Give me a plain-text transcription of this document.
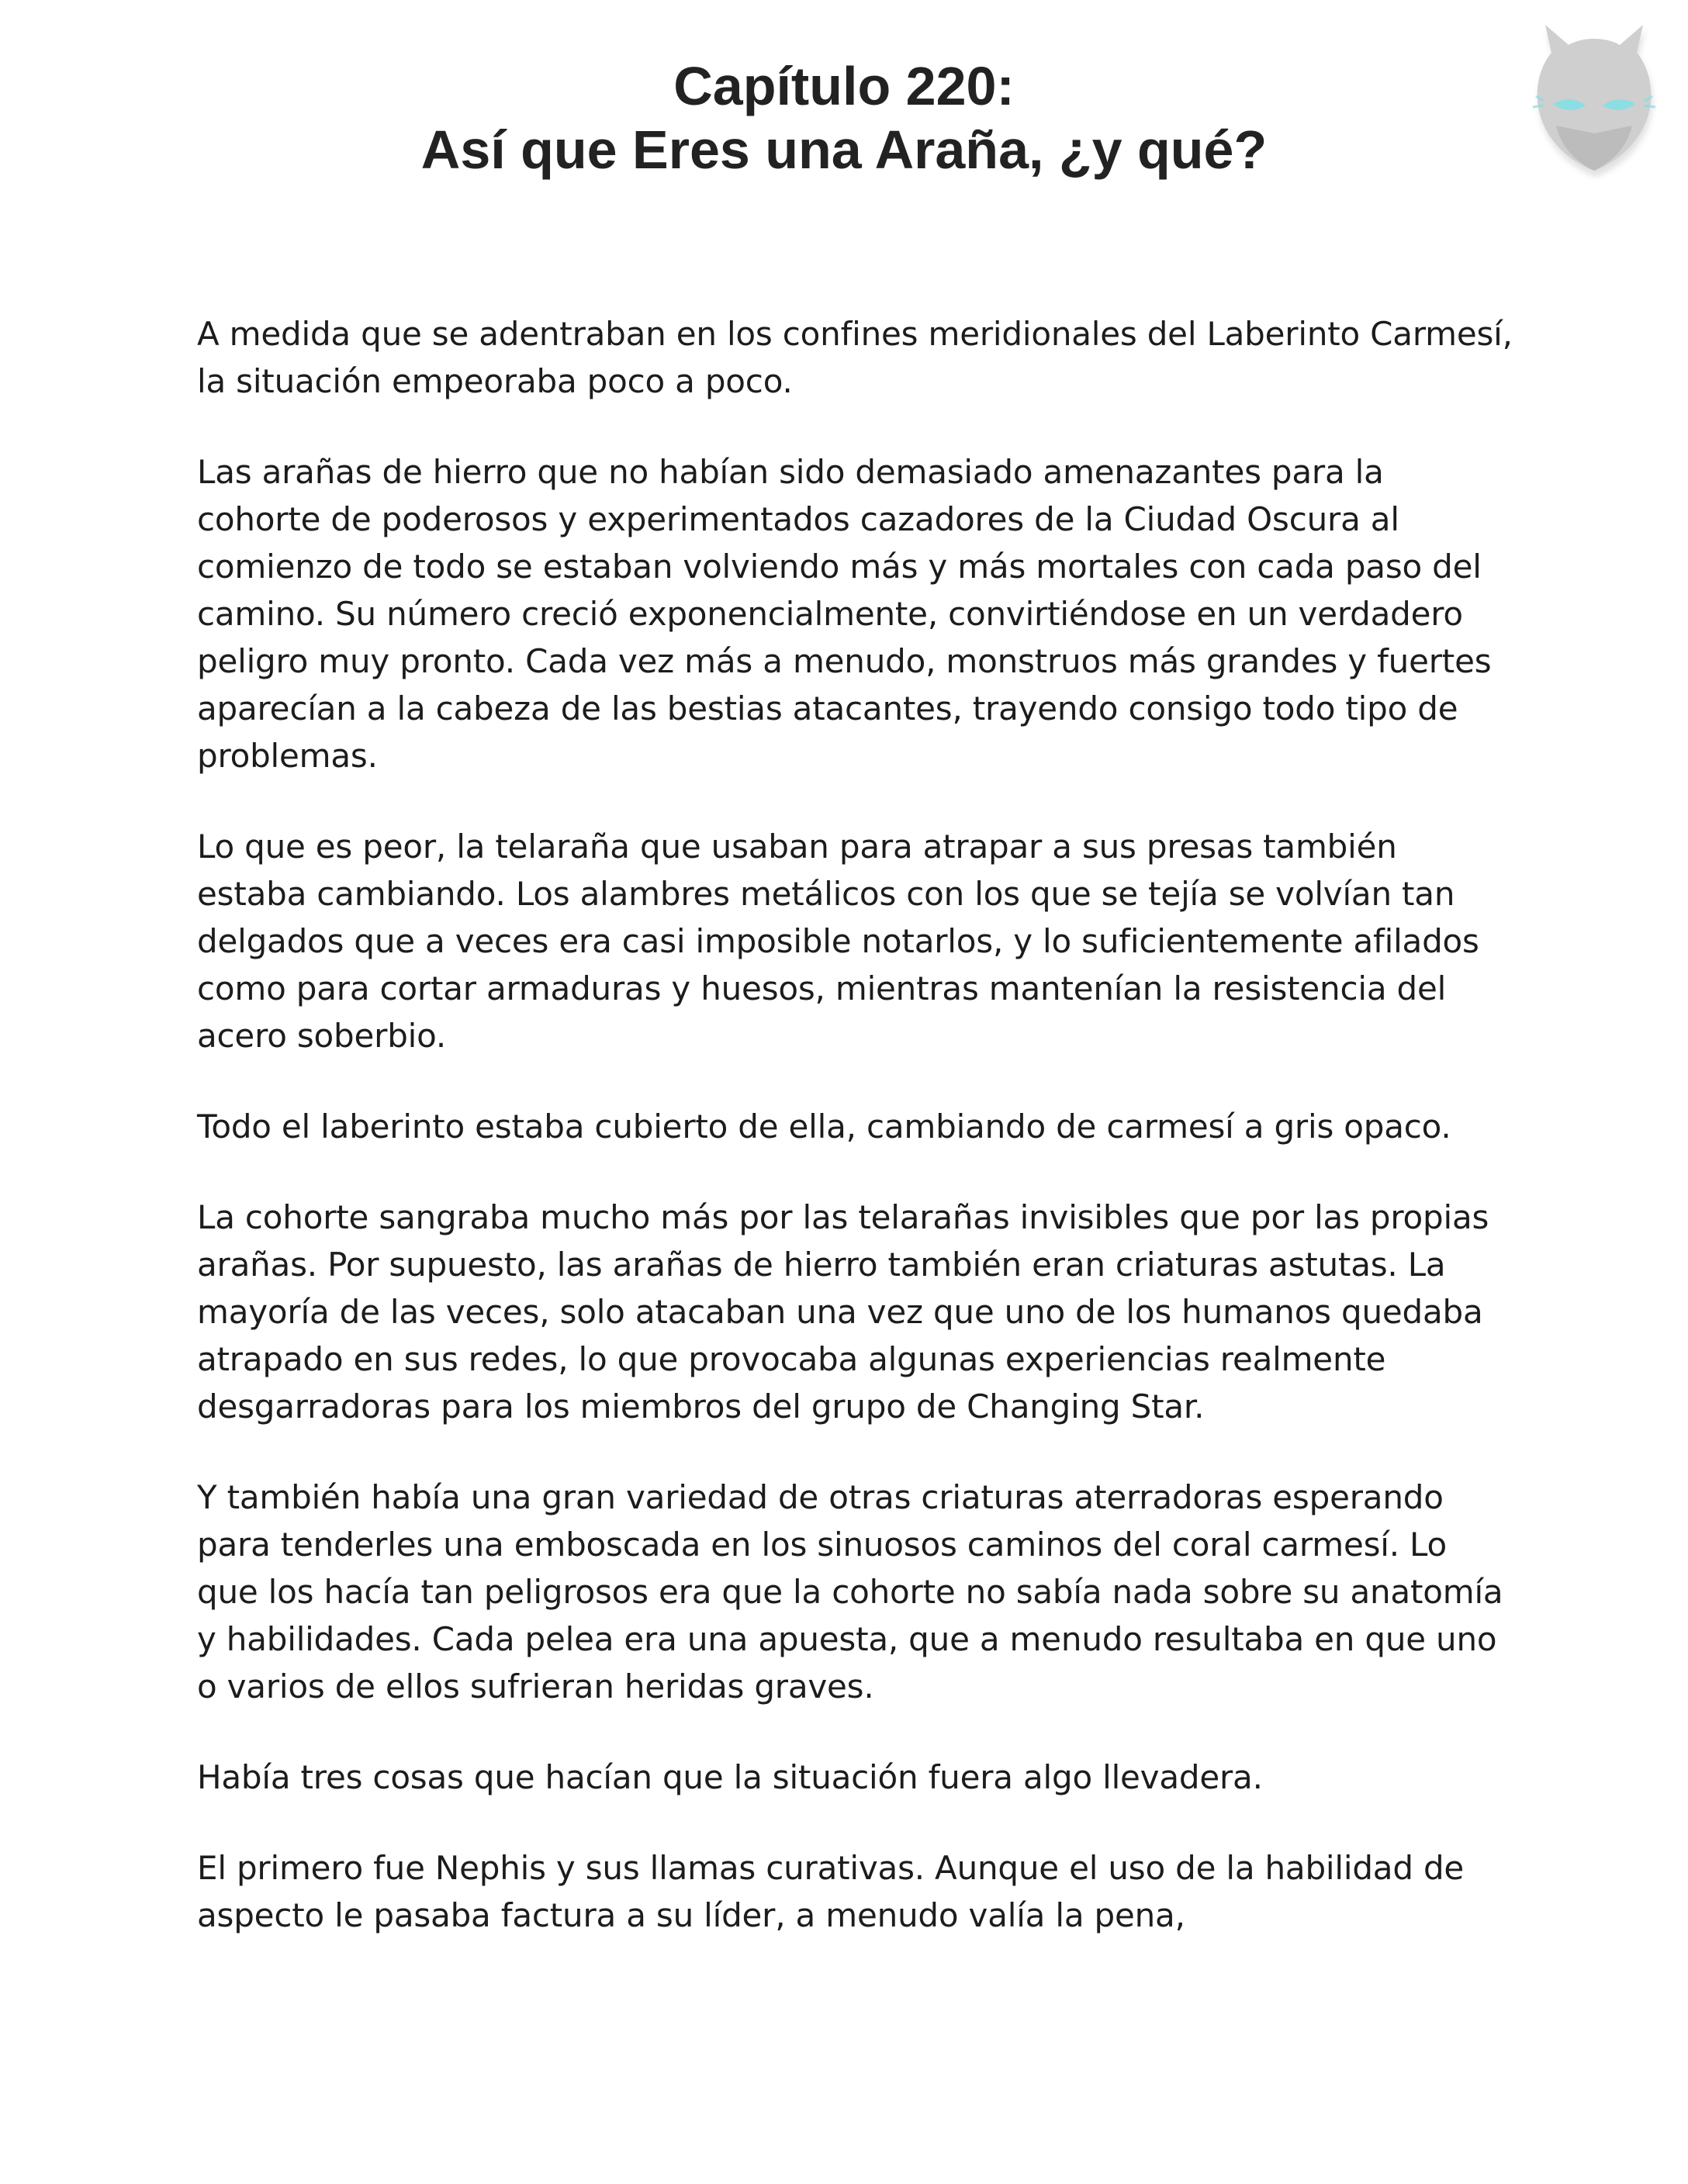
Capítulo 220:
Así que Eres una Araña, ¿y qué?

A medida que se adentraban en los confines meridionales del Laberinto Carmesí, la situación empeoraba poco a poco.

Las arañas de hierro que no habían sido demasiado amenazantes para la cohorte de poderosos y experimentados cazadores de la Ciudad Oscura al comienzo de todo se estaban volviendo más y más mortales con cada paso del camino. Su número creció exponencialmente, convirtiéndose en un verdadero peligro muy pronto. Cada vez más a menudo, monstruos más grandes y fuertes aparecían a la cabeza de las bestias atacantes, trayendo consigo todo tipo de problemas.

Lo que es peor, la telaraña que usaban para atrapar a sus presas también estaba cambiando. Los alambres metálicos con los que se tejía se volvían tan delgados que a veces era casi imposible notarlos, y lo suficientemente afilados como para cortar armaduras y huesos, mientras mantenían la resistencia del acero soberbio.

Todo el laberinto estaba cubierto de ella, cambiando de carmesí a gris opaco.

La cohorte sangraba mucho más por las telarañas invisibles que por las propias arañas. Por supuesto, las arañas de hierro también eran criaturas astutas. La mayoría de las veces, solo atacaban una vez que uno de los humanos quedaba atrapado en sus redes, lo que provocaba algunas experiencias realmente desgarradoras para los miembros del grupo de Changing Star.

Y también había una gran variedad de otras criaturas aterradoras esperando para tenderles una emboscada en los sinuosos caminos del coral carmesí. Lo que los hacía tan peligrosos era que la cohorte no sabía nada sobre su anatomía y habilidades. Cada pelea era una apuesta, que a menudo resultaba en que uno o varios de ellos sufrieran heridas graves.

Había tres cosas que hacían que la situación fuera algo llevadera.

El primero fue Nephis y sus llamas curativas. Aunque el uso de la habilidad de aspecto le pasaba factura a su líder, a menudo valía la pena,
